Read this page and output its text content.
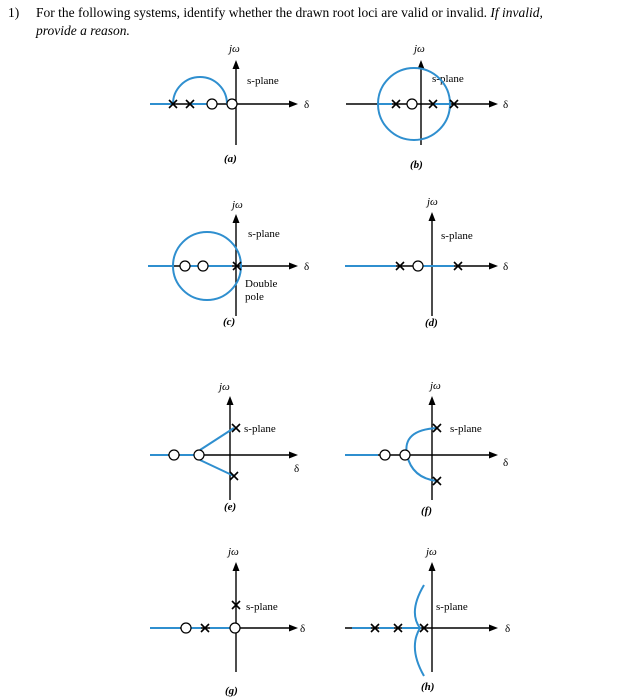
1) For the following systems, identify whether the drawn root loci are valid or invalid. If invalid,
provide a reason.
jω
δ
s-plane
(a)
jω
δ
s-plane
(b)
jω
δ
s-plane
Double
pole
(c)
jω
δ
s-plane
(d)
jω
δ
s-plane
(e)
jω
δ
s-plane
(f)
jω
δ
s-plane
(g)
jω
δ
s-plane
(h)
